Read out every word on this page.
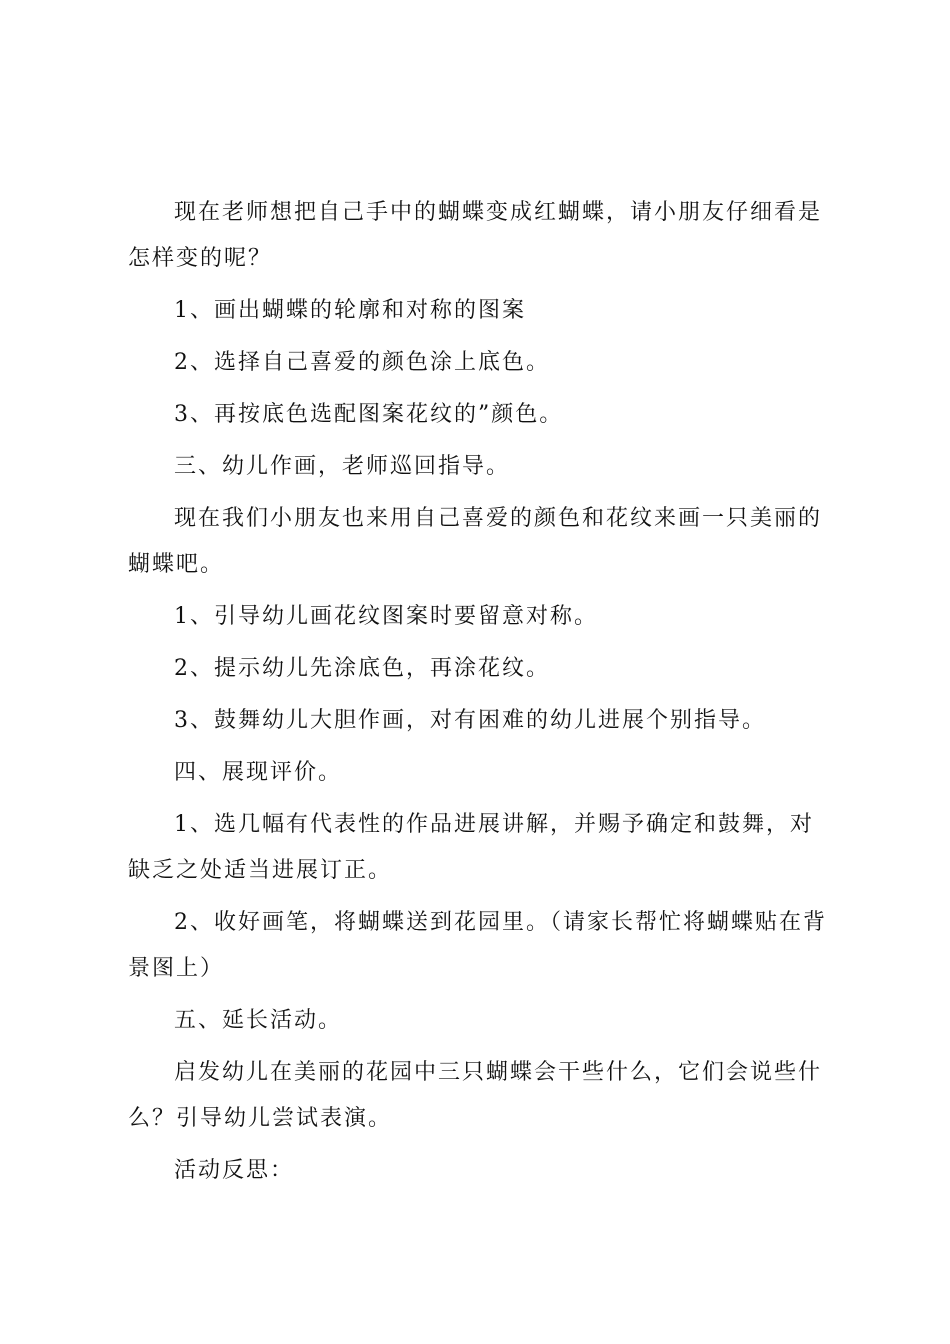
现在老师想把自己手中的蝴蝶变成红蝴蝶，请小朋友仔细看是怎样变的呢？

1、画出蝴蝶的轮廓和对称的图案

2、选择自己喜爱的颜色涂上底色。

3、再按底色选配图案花纹的”颜色。

三、幼儿作画，老师巡回指导。

现在我们小朋友也来用自己喜爱的颜色和花纹来画一只美丽的蝴蝶吧。

1、引导幼儿画花纹图案时要留意对称。

2、提示幼儿先涂底色，再涂花纹。

3、鼓舞幼儿大胆作画，对有困难的幼儿进展个别指导。

四、展现评价。

1、选几幅有代表性的作品进展讲解，并赐予确定和鼓舞，对缺乏之处适当进展订正。

2、收好画笔，将蝴蝶送到花园里。（请家长帮忙将蝴蝶贴在背景图上）

五、延长活动。

启发幼儿在美丽的花园中三只蝴蝶会干些什么，它们会说些什么？引导幼儿尝试表演。

活动反思：
